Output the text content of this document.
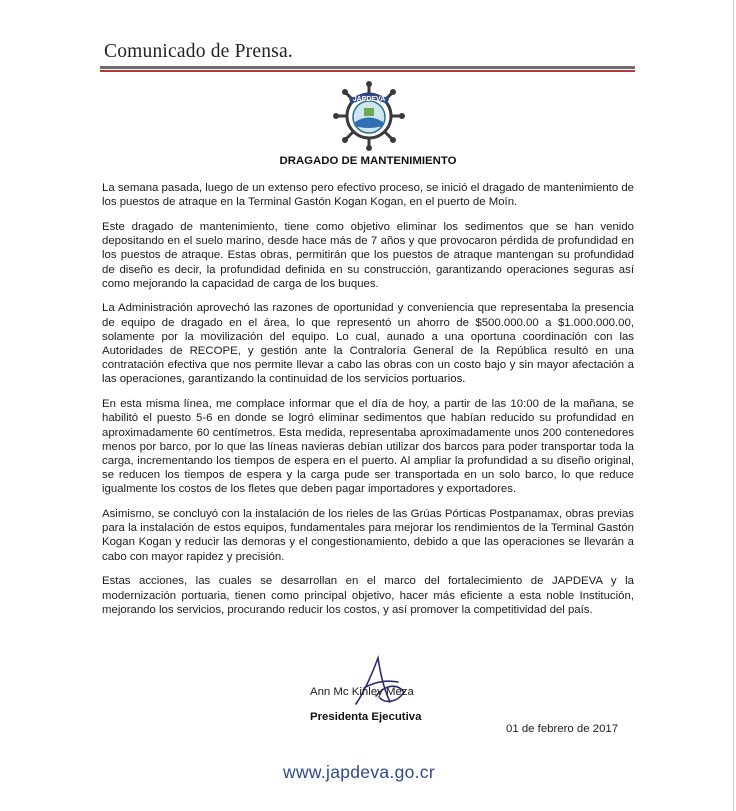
Comunicado de Prensa.
JAPDEVA
DRAGADO DE MANTENIMIENTO

La semana pasada, luego de un extenso pero efectivo proceso, se inició el dragado de mantenimiento de los puestos de atraque en la Terminal Gastón Kogan Kogan, en el puerto de Moín.

Este dragado de mantenimiento, tiene como objetivo eliminar los sedimentos que se han venido depositando en el suelo marino, desde hace más de 7 años y que provocaron pérdida de profundidad en los puestos de atraque. Estas obras, permitirán que los puestos de atraque mantengan su profundidad de diseño es decir, la profundidad definida en su construcción, garantizando operaciones seguras así como mejorando la capacidad de carga de los buques.

La Administración aprovechó las razones de oportunidad y conveniencia que representaba la presencia de equipo de dragado en el área, lo que representó un ahorro de $500.000.00 a $1.000.000.00, solamente por la movilización del equipo. Lo cual, aunado a una oportuna coordinación con las Autoridades de RECOPE, y gestión ante la Contraloría General de la República resultó en una contratación efectiva que nos permite llevar a cabo las obras con un costo bajo y sin mayor afectación a las operaciones, garantizando la continuidad de los servicios portuarios.

En esta misma línea, me complace informar que el día de hoy, a partir de las 10:00 de la mañana, se habilitó el puesto 5-6 en donde se logró eliminar sedimentos que habían reducido su profundidad en aproximadamente 60 centímetros. Esta medida, representaba aproximadamente unos 200 contenedores menos por barco, por lo que las líneas navieras debían utilizar dos barcos para poder transportar toda la carga, incrementando los tiempos de espera en el puerto. Al ampliar la profundidad a su diseño original, se reducen los tiempos de espera y la carga pude ser transportada en un solo barco, lo que reduce igualmente los costos de los fletes que deben pagar importadores y exportadores.

Asimismo, se concluyó con la instalación de los rieles de las Grúas Pórticas Postpanamax, obras previas para la instalación de estos equipos, fundamentales para mejorar los rendimientos de la Terminal Gastón Kogan Kogan y reducir las demoras y el congestionamiento, debido a que las operaciones se llevarán a cabo con mayor rapidez y precisión.

Estas acciones, las cuales se desarrollan en el marco del fortalecimiento de JAPDEVA y la modernización portuaria, tienen como principal objetivo, hacer más eficiente a esta noble Institución, mejorando los servicios, procurando reducir los costos, y así promover la competitividad del país.

Ann Mc Kinley Meza
Presidenta Ejecutiva
01 de febrero de 2017
www.japdeva.go.cr
